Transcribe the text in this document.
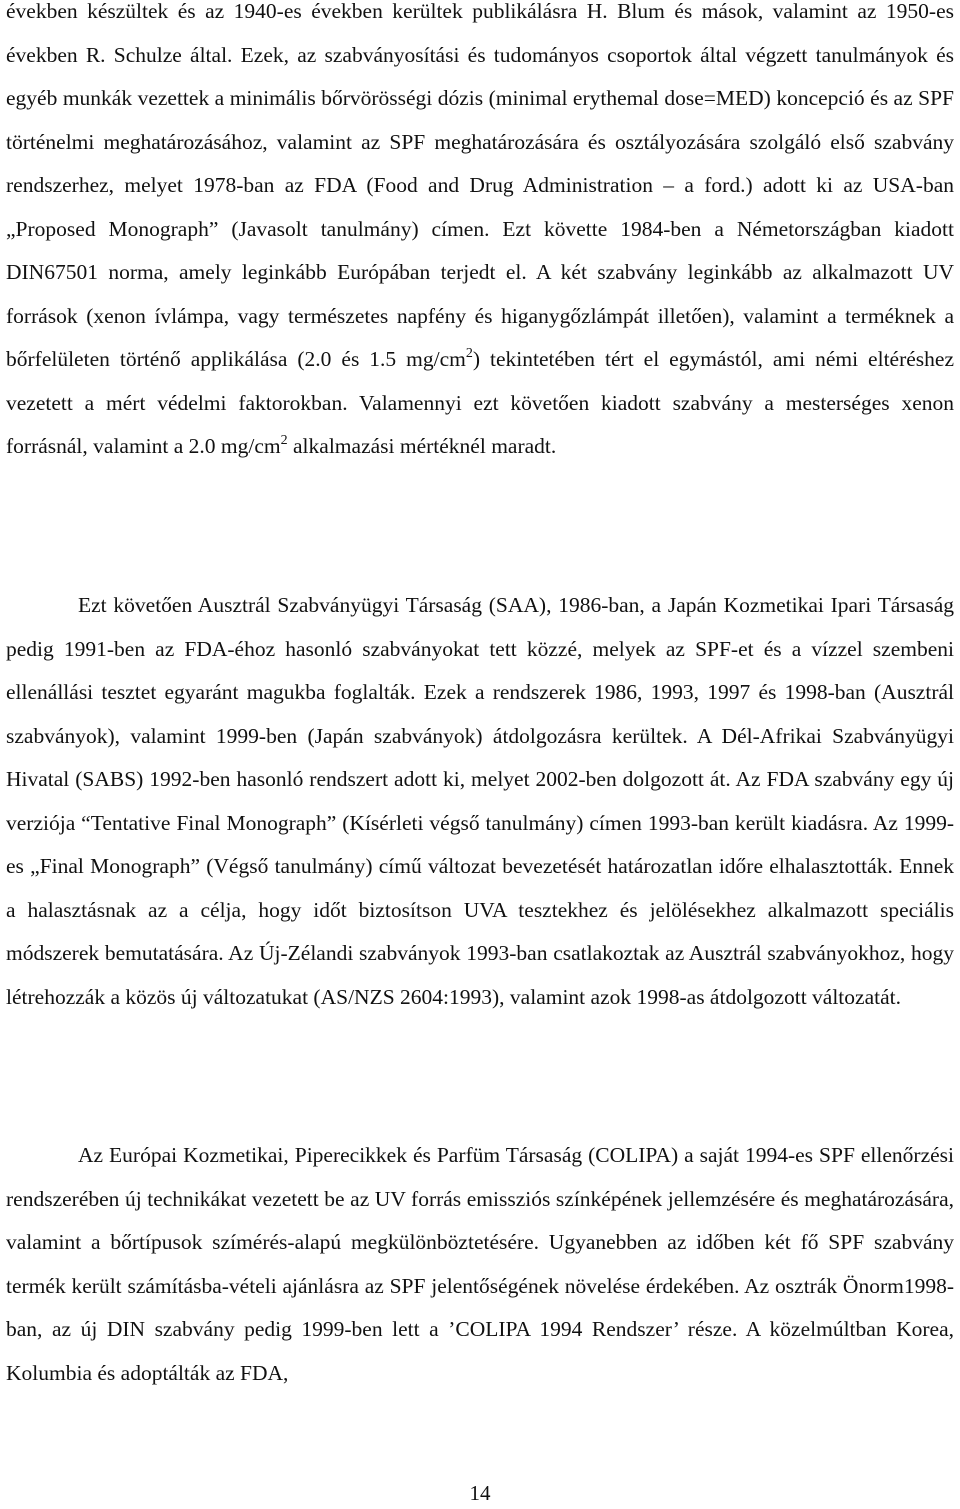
években készültek és az 1940-es években kerültek publikálásra H. Blum és mások, valamint az 1950-es években R. Schulze által. Ezek, az szabványosítási és tudományos csoportok által végzett tanulmányok és egyéb munkák vezettek a minimális bőrvörösségi dózis (minimal erythemal dose=MED) koncepció és az SPF történelmi meghatározásához, valamint az SPF meghatározására és osztályozására szolgáló első szabvány rendszerhez, melyet 1978-ban az FDA (Food and Drug Administration – a ford.) adott ki az USA-ban „Proposed Monograph” (Javasolt tanulmány) címen. Ezt követte 1984-ben a Németországban kiadott DIN67501 norma, amely leginkább Európában terjedt el. A két szabvány leginkább az alkalmazott UV források (xenon ívlámpa, vagy természetes napfény és higanygőzlámpát illetően), valamint a terméknek a bőrfelületen történő applikálása (2.0 és 1.5 $mg/cm^2$) tekintetében tért el egymástól, ami némi eltéréshez vezetett a mért védelmi faktorokban. Valamennyi ezt követően kiadott szabvány a mesterséges xenon forrásnál, valamint a 2.0 $mg/cm^2$ alkalmazási mértéknél maradt.

Ezt követően Ausztrál Szabványügyi Társaság (SAA), 1986-ban, a Japán Kozmetikai Ipari Társaság pedig 1991-ben az FDA-éhoz hasonló szabványokat tett közzé, melyek az SPF-et és a vízzel szembeni ellenállási tesztet egyaránt magukba foglalták. Ezek a rendszerek 1986, 1993, 1997 és 1998-ban (Ausztrál szabványok), valamint 1999-ben (Japán szabványok) átdolgozásra kerültek. A Dél-Afrikai Szabványügyi Hivatal (SABS) 1992-ben hasonló rendszert adott ki, melyet 2002-ben dolgozott át. Az FDA szabvány egy új verziója “Tentative Final Monograph” (Kísérleti végső tanulmány) címen 1993-ban került kiadásra. Az 1999-es „Final Monograph” (Végső tanulmány) című változat bevezetését határozatlan időre elhalasztották. Ennek a halasztásnak az a célja, hogy időt biztosítson UVA tesztekhez és jelölésekhez alkalmazott speciális módszerek bemutatására. Az Új-Zélandi szabványok 1993-ban csatlakoztak az Ausztrál szabványokhoz, hogy létrehozzák a közös új változatukat (AS/NZS 2604:1993), valamint azok 1998-as átdolgozott változatát.

Az Európai Kozmetikai, Piperecikkek és Parfüm Társaság (COLIPA) a saját 1994-es SPF ellenőrzési rendszerében új technikákat vezetett be az UV forrás emissziós színképének jellemzésére és meghatározására, valamint a bőrtípusok szímérés-alapú megkülönböztetésére. Ugyanebben az időben két fő SPF szabvány termék került számításba-vételi ajánlásra az SPF jelentőségének növelése érdekében. Az osztrák Önorm1998-ban, az új DIN szabvány pedig 1999-ben lett a ’COLIPA 1994 Rendszer’ része. A közelmúltban Korea, Kolumbia és adoptálták az FDA,

14
